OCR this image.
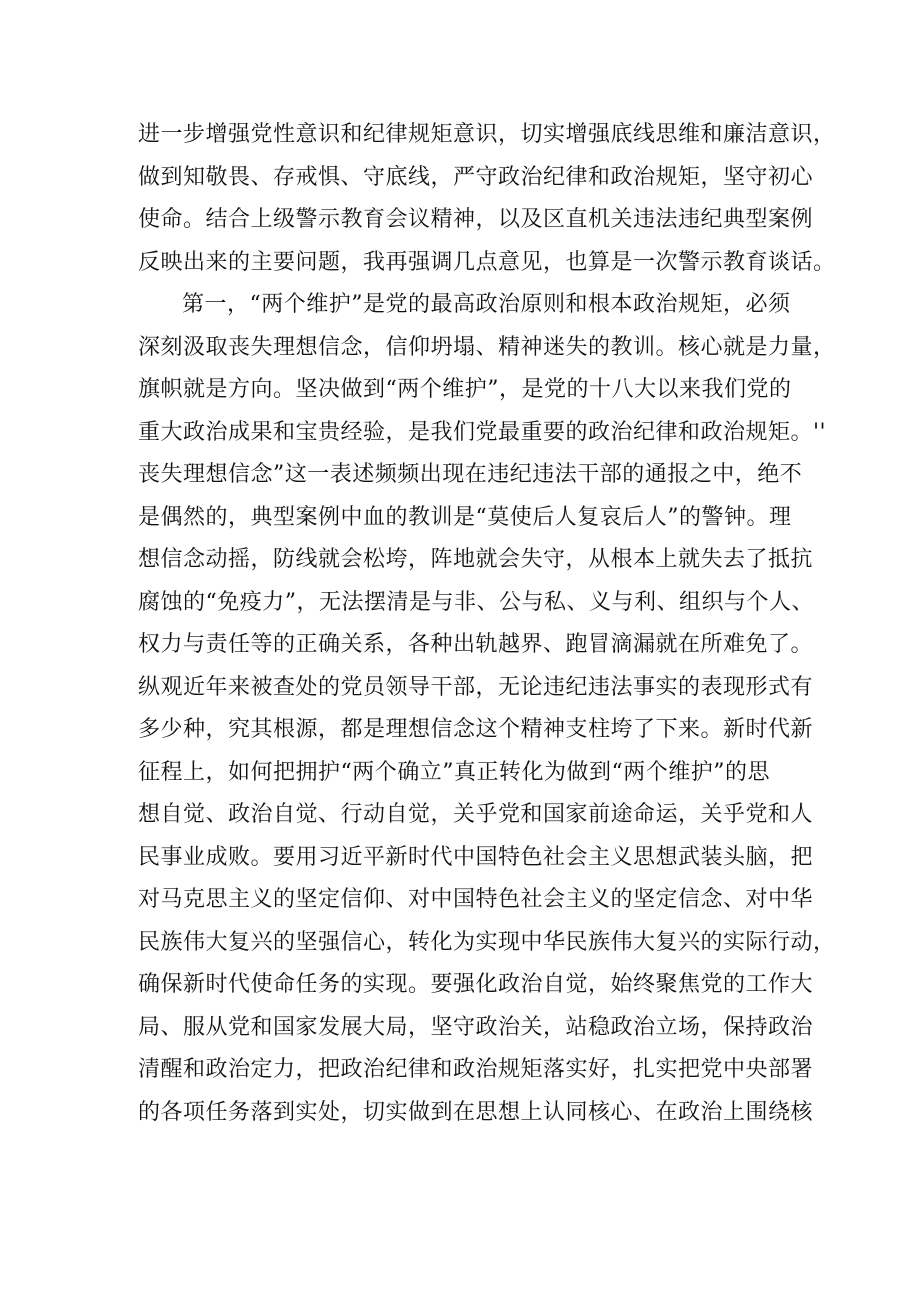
进一步增强党性意识和纪律规矩意识，切实增强底线思维和廉洁意识，
做到知敬畏、存戒惧、守底线，严守政治纪律和政治规矩，坚守初心
使命。结合上级警示教育会议精神，以及区直机关违法违纪典型案例
反映出来的主要问题，我再强调几点意见，也算是一次警示教育谈话。
第一，“两个维护”是党的最高政治原则和根本政治规矩，必须
深刻汲取丧失理想信念，信仰坍塌、精神迷失的教训。核心就是力量，
旗帜就是方向。坚决做到“两个维护”，是党的十八大以来我们党的
重大政治成果和宝贵经验，是我们党最重要的政治纪律和政治规矩。''
丧失理想信念”这一表述频频出现在违纪违法干部的通报之中，绝不
是偶然的，典型案例中血的教训是“莫使后人复哀后人”的警钟。理
想信念动摇，防线就会松垮，阵地就会失守，从根本上就失去了抵抗
腐蚀的“免疫力”，无法摆清是与非、公与私、义与利、组织与个人、
权力与责任等的正确关系，各种出轨越界、跑冒滴漏就在所难免了。
纵观近年来被查处的党员领导干部，无论违纪违法事实的表现形式有
多少种，究其根源，都是理想信念这个精神支柱垮了下来。新时代新
征程上，如何把拥护“两个确立”真正转化为做到“两个维护”的思
想自觉、政治自觉、行动自觉，关乎党和国家前途命运，关乎党和人
民事业成败。要用习近平新时代中国特色社会主义思想武装头脑，把
对马克思主义的坚定信仰、对中国特色社会主义的坚定信念、对中华
民族伟大复兴的坚强信心，转化为实现中华民族伟大复兴的实际行动，
确保新时代使命任务的实现。要强化政治自觉，始终聚焦党的工作大
局、服从党和国家发展大局，坚守政治关，站稳政治立场，保持政治
清醒和政治定力，把政治纪律和政治规矩落实好，扎实把党中央部署
的各项任务落到实处，切实做到在思想上认同核心、在政治上围绕核
